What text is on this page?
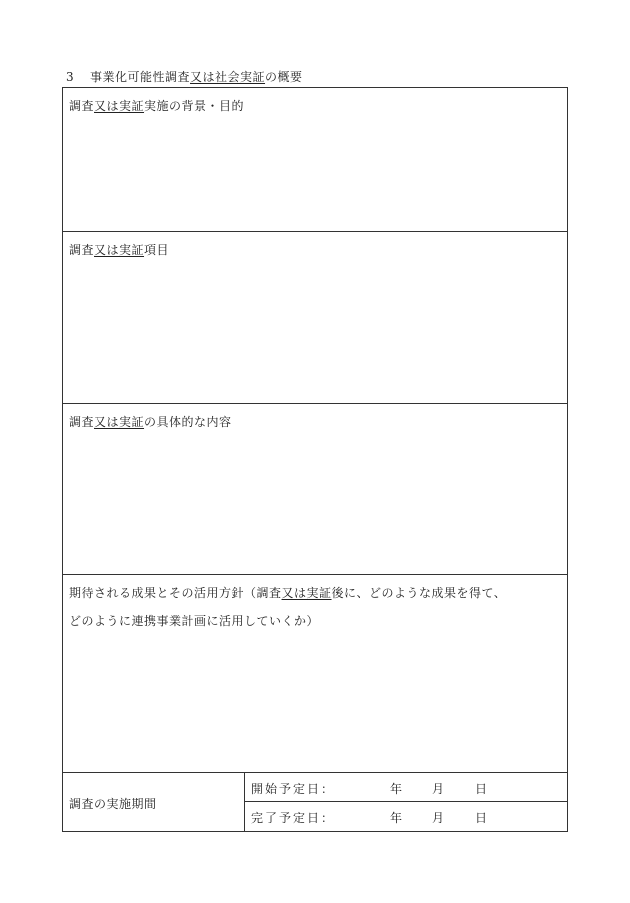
3 事業化可能性調査又は社会実証の概要
調査又は実証実施の背景・目的
調査又は実証項目
調査又は実証の具体的な内容
期待される成果とその活用方針（調査又は実証後に、どのような成果を得て、
どのように連携事業計画に活用していくか）
調査の実施期間
開始予定日：	年 月	日
完了予定日：	年 月	日
